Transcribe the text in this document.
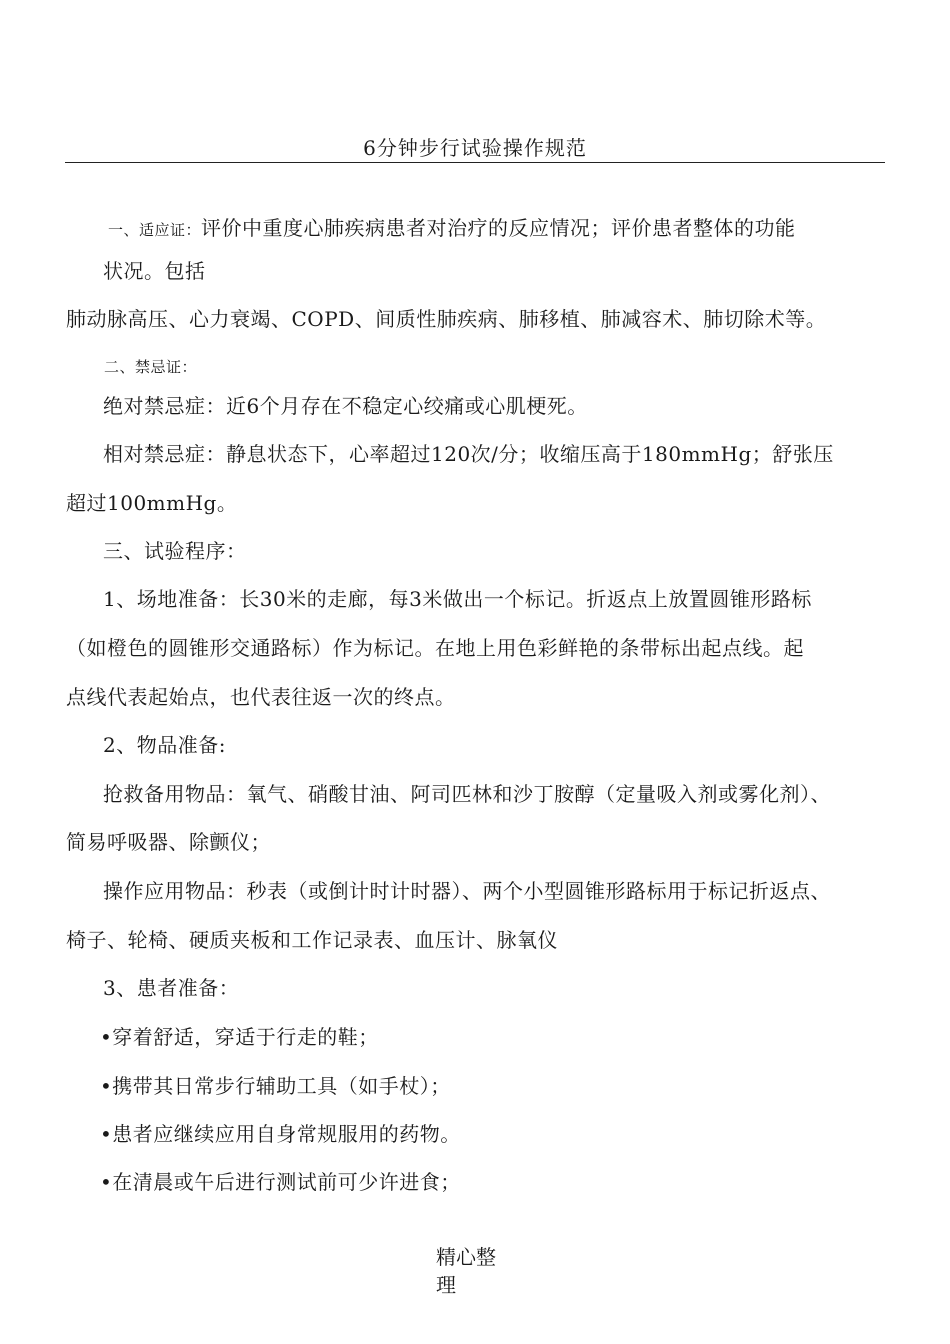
6分钟步行试验操作规范
一、适应证：评价中重度心肺疾病患者对治疗的反应情况；评价患者整体的功能
状况。包括
肺动脉高压、心力衰竭、COPD、间质性肺疾病、肺移植、肺减容术、肺切除术等。
二、禁忌证：
绝对禁忌症：近6个月存在不稳定心绞痛或心肌梗死。
相对禁忌症：静息状态下，心率超过120次/分；收缩压高于180mmHg；舒张压
超过100mmHg。
三、试验程序：
1、场地准备：长30米的走廊，每3米做出一个标记。折返点上放置圆锥形路标
（如橙色的圆锥形交通路标）作为标记。在地上用色彩鲜艳的条带标出起点线。起
点线代表起始点，也代表往返一次的终点。
2、物品准备:
抢救备用物品：氧气、硝酸甘油、阿司匹林和沙丁胺醇（定量吸入剂或雾化剂）、
简易呼吸器、除颤仪；
操作应用物品：秒表（或倒计时计时器）、两个小型圆锥形路标用于标记折返点、
椅子、轮椅、硬质夹板和工作记录表、血压计、脉氧仪
3、患者准备：
•穿着舒适，穿适于行走的鞋；
•携带其日常步行辅助工具（如手杖）；
•患者应继续应用自身常规服用的药物。
•在清晨或午后进行测试前可少许进食；
精心整
理
